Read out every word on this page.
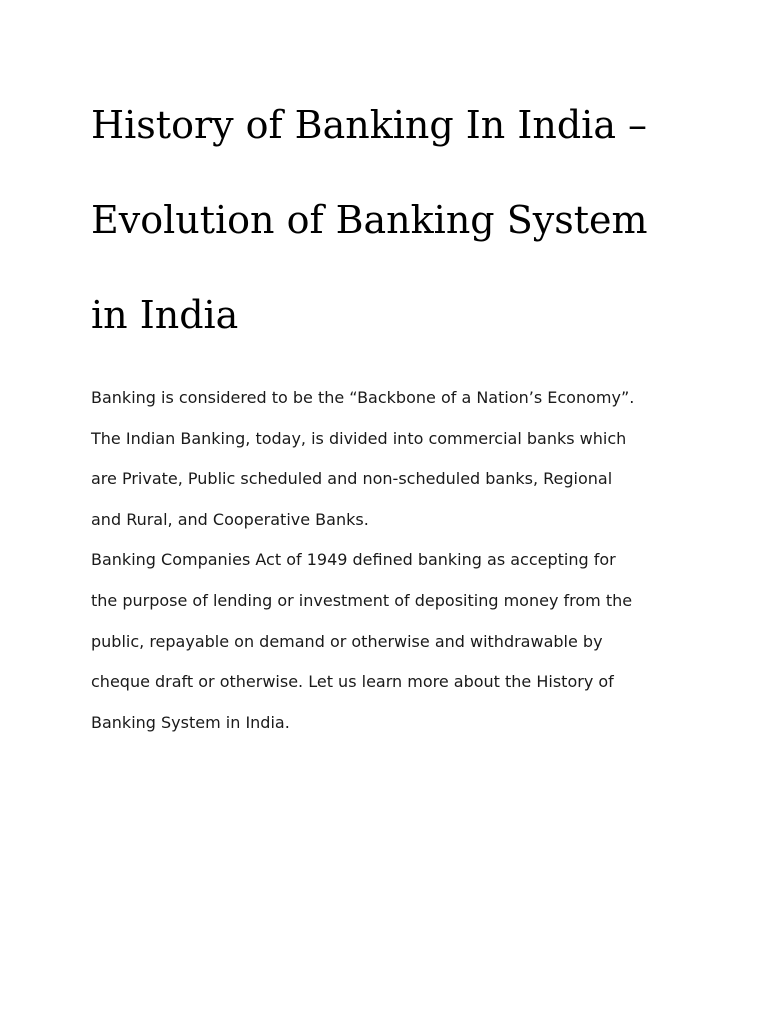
History of Banking In India –
Evolution of Banking System
in India
Banking is considered to be the “Backbone of a Nation’s Economy”.
The Indian Banking, today, is divided into commercial banks which
are Private, Public scheduled and non-scheduled banks, Regional
and Rural, and Cooperative Banks.
Banking Companies Act of 1949 defined banking as accepting for
the purpose of lending or investment of depositing money from the
public, repayable on demand or otherwise and withdrawable by
cheque draft or otherwise. Let us learn more about the History of
Banking System in India.
